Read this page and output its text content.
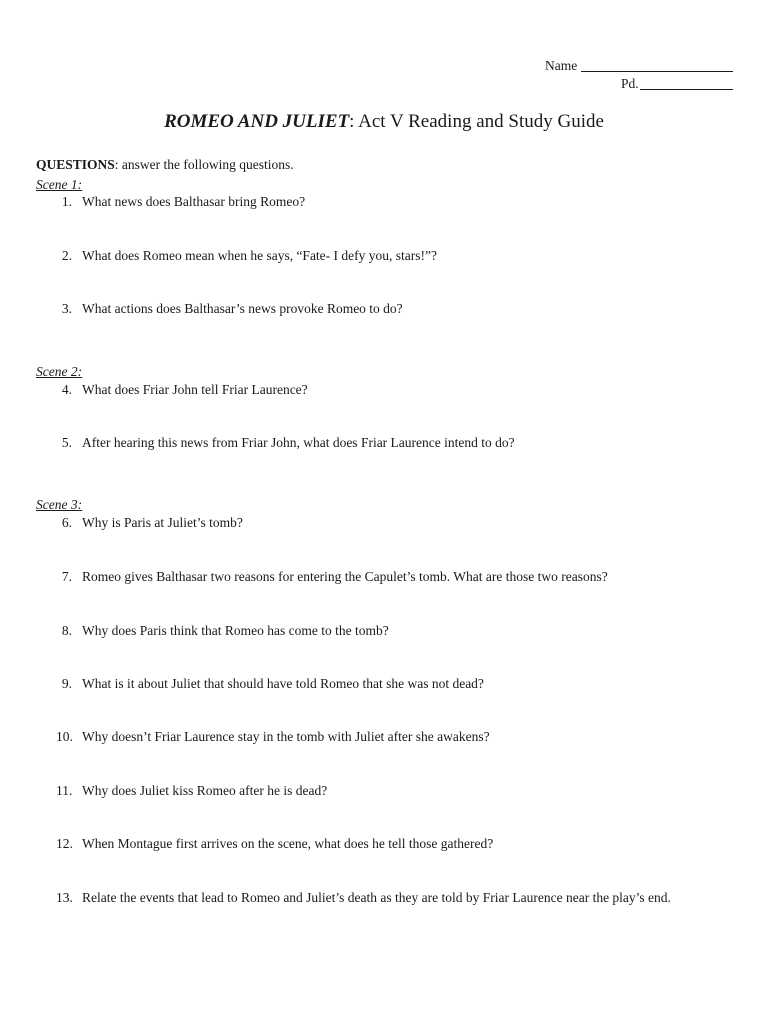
Name
Pd.
ROMEO AND JULIET: Act V Reading and Study Guide
QUESTIONS: answer the following questions.
Scene 1:
1. What news does Balthasar bring Romeo?
2. What does Romeo mean when he says, “Fate- I defy you, stars!”?
3. What actions does Balthasar’s news provoke Romeo to do?
Scene 2:
4. What does Friar John tell Friar Laurence?
5. After hearing this news from Friar John, what does Friar Laurence intend to do?
Scene 3:
6. Why is Paris at Juliet’s tomb?
7. Romeo gives Balthasar two reasons for entering the Capulet’s tomb. What are those two reasons?
8. Why does Paris think that Romeo has come to the tomb?
9. What is it about Juliet that should have told Romeo that she was not dead?
10. Why doesn’t Friar Laurence stay in the tomb with Juliet after she awakens?
11. Why does Juliet kiss Romeo after he is dead?
12. When Montague first arrives on the scene, what does he tell those gathered?
13. Relate the events that lead to Romeo and Juliet’s death as they are told by Friar Laurence near the play’s end.
